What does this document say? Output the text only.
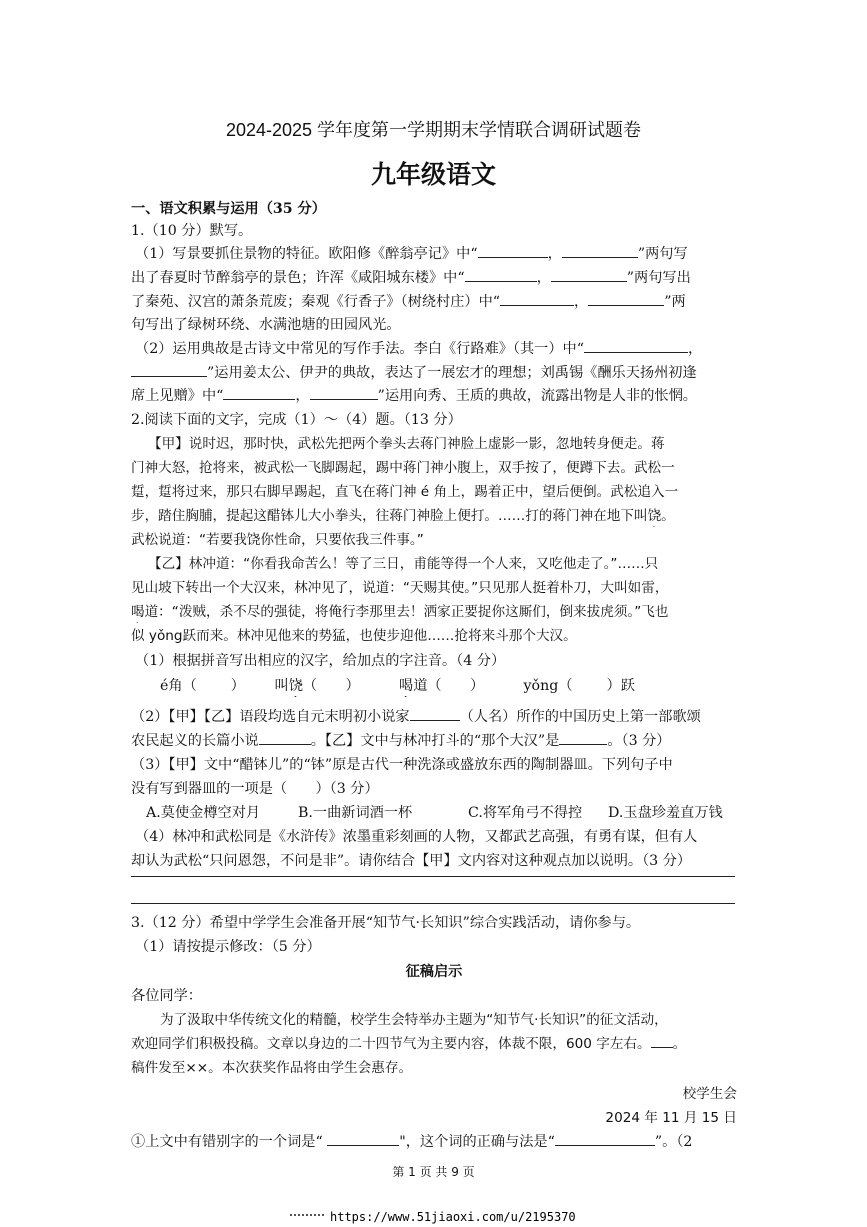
2024-2025 学年度第一学期期末学情联合调研试题卷
九年级语文
一、语文积累与运用（35 分）
1.（10 分）默写。
（1）写景要抓住景物的特征。欧阳修《醉翁亭记》中“	，	”两句写
出了春夏时节醉翁亭的景色；许浑《咸阳城东楼》中“	，	”两句写出
了秦苑、汉宫的萧条荒废；秦观《行香子》（树绕村庄）中“	，	”两
句写出了绿树环绕、水满池塘的田园风光。
（2）运用典故是古诗文中常见的写作手法。李白《行路难》（其一）中“	，
”运用姜太公、伊尹的典故，表达了一展宏才的理想；刘禹锡《酬乐天扬州初逢
席上见赠》中“	，	”运用向秀、王质的典故，流露出物是人非的怅惘。
2.阅读下面的文字，完成（1）～（4）题。（13 分）
【甲】说时迟，那时快，武松先把两个拳头去蒋门神脸上虚影一影，忽地转身便走。蒋
门神大怒，抢将来，被武松一飞脚踢起，踢中蒋门神小腹上，双手按了，便蹲下去。武松一
踅，踅将过来，那只右脚早踢起，直飞在蒋门神 é 角上，踢着正中，望后便倒。武松追入一
步，踏住胸脯，提起这醋钵儿大小拳头，往蒋门神脸上便打。……打的蒋门神在地下叫饶。
武松说道：“若要我饶你性命，只要依我三件事。”
【乙】林冲道：“你看我命苦么！等了三日，甫能等得一个人来，又吃他走了。”……只
见山坡下转出一个大汉来，林冲见了，说道：“天赐其使。”只见那人挺着朴刀，大叫如雷，
喝道：“泼贼，杀不尽的强徒，将俺行李那里去！洒家正要捉你这厮们，倒来拔虎须。”飞也
似 yǒng跃而来。林冲见他来的势猛，也使步迎他……抢将来斗那个大汉。
（1）根据拼音写出相应的汉字，给加点的字注音。（4 分）
é角（ ） 叫饶（　　）	喝道（　　）	yǒng（ ）跃
（2）【甲】【乙】语段均选自元末明初小说家	（人名）所作的中国历史上第一部歌颂
农民起义的长篇小说	。【乙】文中与林冲打斗的“那个大汉”是	。（3 分）
（3）【甲】文中“醋钵儿”的“钵”原是古代一种洗涤或盛放东西的陶制器皿。下列句子中
没有写到器皿的一项是（　　）（3 分）
A.莫使金樽空对月	B.一曲新词酒一杯	C.将军角弓不得控 D.玉盘珍羞直万钱
（4）林冲和武松同是《水浒传》浓墨重彩刻画的人物，又都武艺高强，有勇有谋，但有人
却认为武松“只问恩怨，不问是非”。请你结合【甲】文内容对这种观点加以说明。（3 分）
3.（12 分）希望中学学生会准备开展“知节气·长知识”综合实践活动，请你参与。
（1）请按提示修改：（5 分）
征稿启示
各位同学：
为了汲取中华传统文化的精髓，校学生会特举办主题为“知节气·长知识”的征文活动，
欢迎同学们积极投稿。文章以身边的二十四节气为主要内容，体裁不限，600 字左右。 。
稿件发至××。本次获奖作品将由学生会惠存。
校学生会
2024 年 11 月 15 日
①上文中有错别字的一个词是“	"，这个词的正确与法是“	”。（2
第 1 页 共 9 页
https://www.51jiaoxi.com/u/2195370
